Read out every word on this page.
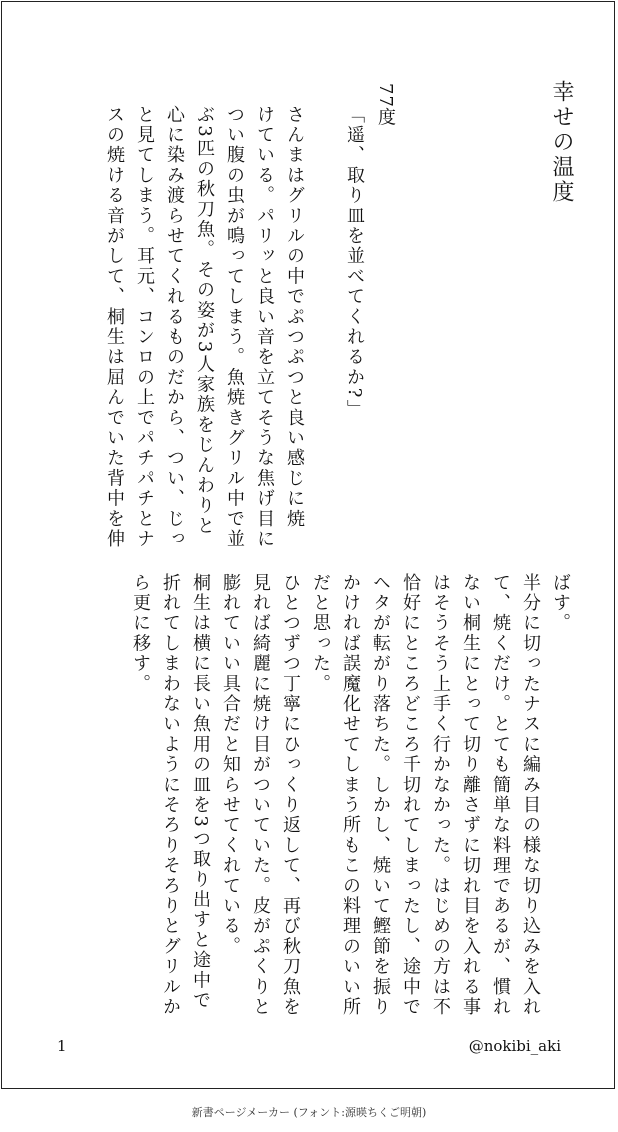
幸せの温度
77度
「遥、取り皿を並べてくれるか?」

さんまはグリルの中でぷつぷつと良い感じに焼
けている。パリッと良い音を立てそうな焦げ目に
つい腹の虫が鳴ってしまう。魚焼きグリル中で並
ぶ3匹の秋刀魚。その姿が3人家族をじんわりと
心に染み渡らせてくれるものだから、つい、じっ
と見てしまう。耳元、コンロの上でパチパチとナ
スの焼ける音がして、桐生は屈んでいた背中を伸
ばす。
半分に切ったナスに編み目の様な切り込みを入れ
て、焼くだけ。とても簡単な料理であるが、慣れ
ない桐生にとって切り離さずに切れ目を入れる事
はそうそう上手く行かなかった。はじめの方は不
恰好にところどころ千切れてしまったし、途中で
ヘタが転がり落ちた。しかし、焼いて鰹節を振り
かければ誤魔化せてしまう所もこの料理のいい所
だと思った。
ひとつずつ丁寧にひっくり返して、再び秋刀魚を
見れば綺麗に焼け目がついていた。皮がぷくりと
膨れていい具合だと知らせてくれている。
桐生は横に長い魚用の皿を3つ取り出すと途中で
折れてしまわないようにそろりそろりとグリルか
ら更に移す。
1	@nokibi_aki
新書ページメーカー (フォント:源暎ちくご明朝)
